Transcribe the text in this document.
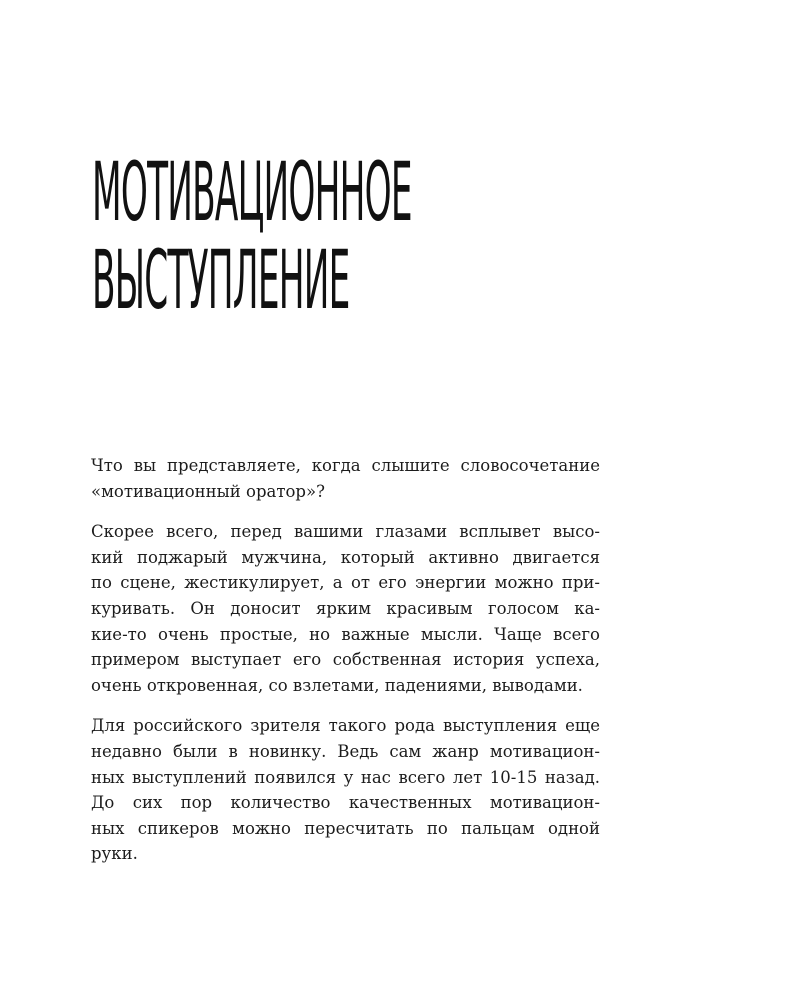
МОТИВАЦИОННОЕ
ВЫСТУПЛЕНИЕ

Что вы представляете, когда слышите словосочетание
«мотивационный оратор»?

Скорее всего, перед вашими глазами всплывет высо-
кий поджарый мужчина, который активно двигается
по сцене, жестикулирует, а от его энергии можно при-
куривать. Он доносит ярким красивым голосом ка-
кие-то очень простые, но важные мысли. Чаще всего
примером выступает его собственная история успеха,
очень откровенная, со взлетами, падениями, выводами.

Для российского зрителя такого рода выступления еще
недавно были в новинку. Ведь сам жанр мотивацион-
ных выступлений появился у нас всего лет 10-15 назад.
До сих пор количество качественных мотивацион-
ных спикеров можно пересчитать по пальцам одной
руки.
